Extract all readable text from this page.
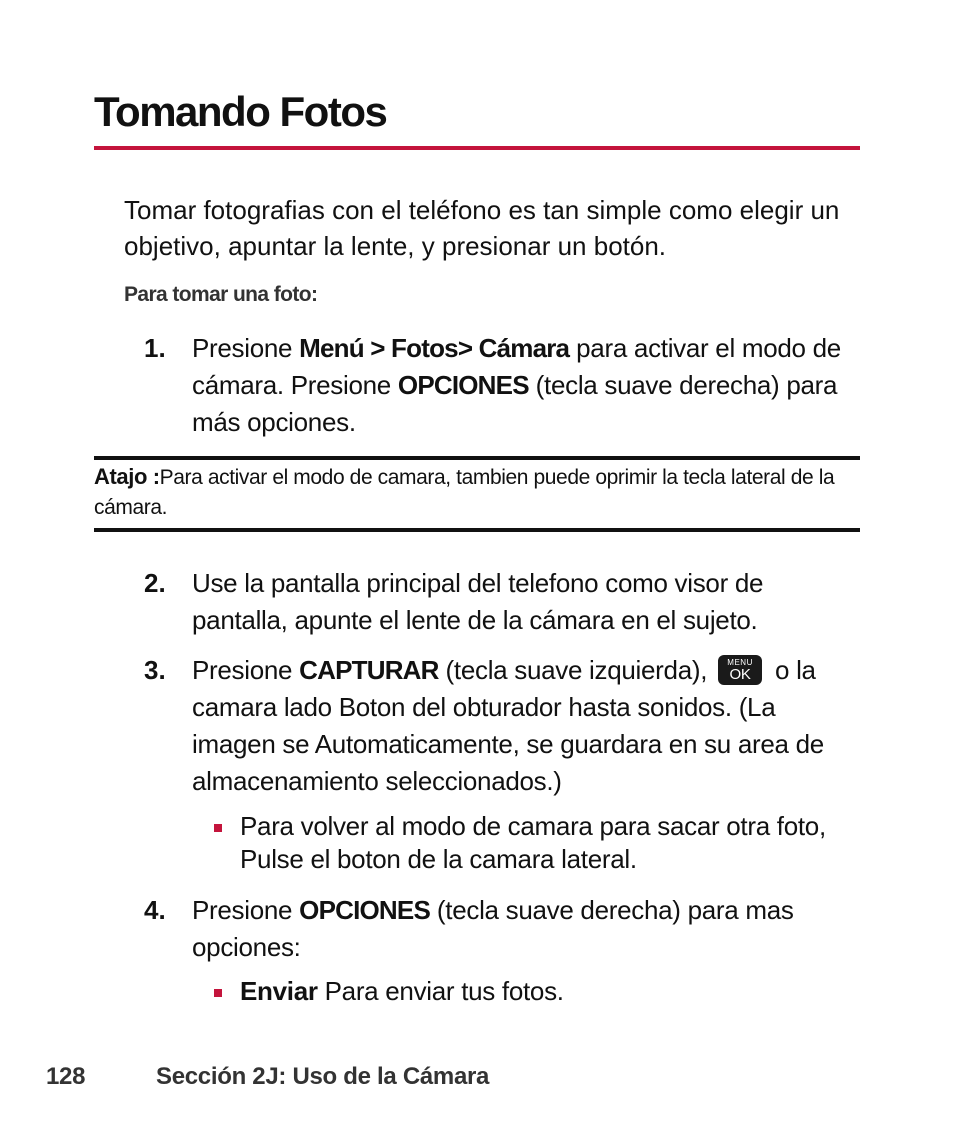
Tomando Fotos

Tomar fotografias con el teléfono es tan simple como elegir un objetivo, apuntar la lente, y presionar un botón.

Para tomar una foto:

1. Presione Menú > Fotos> Cámara para activar el modo de cámara. Presione OPCIONES (tecla suave derecha) para más opciones.
Atajo :Para activar el modo de camara, tambien puede oprimir la tecla lateral de la cámara.
2. Use la pantalla principal del telefono como visor de pantalla, apunte el lente de la cámara en el sujeto.
3. Presione CAPTURAR (tecla suave izquierda),	MENU
OK o la camara lado Boton del obturador hasta sonidos. (La imagen se Automaticamente, se guardara en su area de almacenamiento seleccionados.)
Para volver al modo de camara para sacar otra foto, Pulse el boton de la camara lateral.
4. Presione OPCIONES (tecla suave derecha) para mas opciones:
Enviar Para enviar tus fotos.
128	Sección 2J: Uso de la Cámara
